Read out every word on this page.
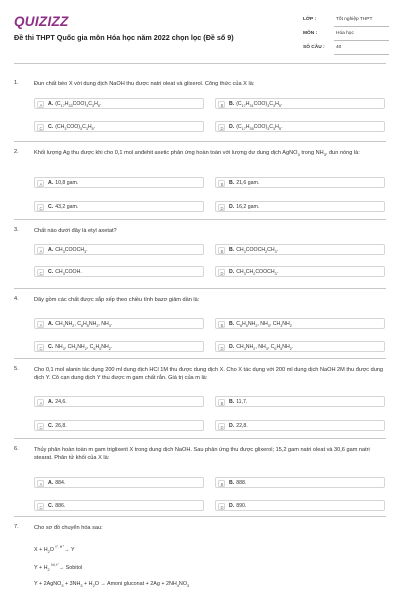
QUIZIZZ
Đề thi THPT Quốc gia môn Hóa học năm 2022 chọn lọc (Đề số 9)
LỚP :	Tốt nghiệp THPT
MÔN :	Hóa học
SỐ CÂU : 40
1.	Đun chất béo X với dung dịch NaOH thu được natri oleat và glixerol. Công thức của X là:
A	A. $(C_{17}H_{33}COO)_3C_3H_5$.	B	B. $(C_{17}H_{31}COO)_3C_3H_5$.
C	C. $(CH_3COO)_3C_3H_5$.	D	D. $(C_{17}H_{35}COO)_3C_3H_5$.
2.	Khối lượng Ag thu được khi cho 0,1 mol anđehit axetic phản ứng hoàn toàn với lượng dư dung dịch AgNO$_3$ trong $NH_3$, đun nóng là:
A	A. 10,8 gam.	B	B. 21,6 gam.
C	C. 43,2 gam.	D	D. 16,2 gam.
3.	Chất nào dưới đây là etyl axetat?
A	A. $CH_3COOCH_3$.	B	B. $CH_3COOCH_2CH_3$.
C	C. $CH_3COOH$.	D	D. $CH_3CH_2COOCH_3$.
4.	Dãy gồm các chất được sắp xếp theo chiều tính bazơ giảm dần là:
A	A. $CH_3NH_2$, $C_6H_5NH_2$, $NH_3$.	B	B. $C_6H_5NH_2$, $NH_3$, $CH_3NH_2$
C	C. $NH_3$, $CH_3NH_2$, $C_6H_5NH_2$.	D	D. $CH_3NH_2$, $NH_3$, $C_6H_5NH_2$.
5.	Cho 0,1 mol alanin tác dụng 200 ml dung dịch HCl 1M thu được dung dịch X. Cho X tác dụng với 200 ml dung dịch NaOH 2M thu được dung dịch Y. Cô cạn dung dịch Y thu được m gam chất rắn. Giá trị của m là:
A	A. 24,6.	B	B. 11,7.
C	C. 26,8.	D	D. 22,8.
6.	Thủy phân hoàn toàn m gam triglixerit X trong dung dịch NaOH. Sau phản ứng thu được glixerol; 15,2 gam natri oleat và 30,6 gam natri stearat. Phân tử khối của X là:
A	A. 884.	B	B. 888.
C	C. 886.	D	D. 890.
7.	Cho sơ đồ chuyển hóa sau:
$X + H_2O$ $^{t^\circ, H^+}$→ Y
$Y + H_2$ $^{Ni, t^\circ}$→ Sobitol
Y + 2AgNO$_3$ + $3NH_3 + H_2O$ → Amoni gluconat + $2Ag + 2NH_4NO_3$
